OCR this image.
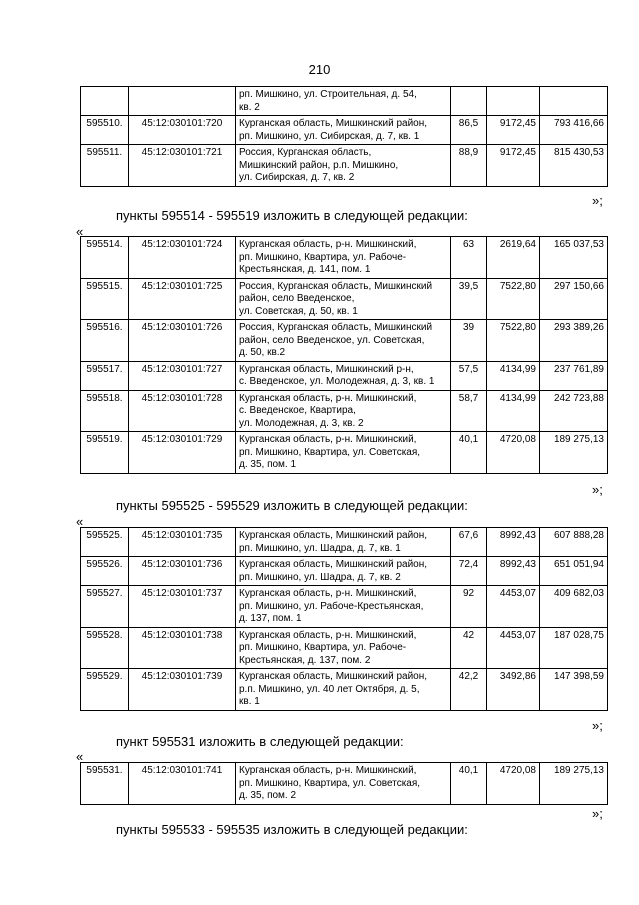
210

		рп. Мишкино, ул. Строительная, д. 54,
кв. 2			

595510.	45:12:030101:720	Курганская область, Мишкинский район,
рп. Мишкино, ул. Сибирская, д. 7, кв. 1	86,5	9172,45	793 416,66
595511.	45:12:030101:721	Россия, Курганская область,
Мишкинский район, р.п. Мишкино,
ул. Сибирская, д. 7, кв. 2	88,9	9172,45	815 430,53
»;
пункты 595514 - 595519 изложить в следующей редакции:
«
595514.	45:12:030101:724	Курганская область, р-н. Мишкинский,
рп. Мишкино, Квартира, ул. Рабоче-
Крестьянская, д. 141, пом. 1	63	2619,64	165 037,53
595515.	45:12:030101:725	Россия, Курганская область, Мишкинский
район, село Введенское,
ул. Советская, д. 50, кв. 1	39,5	7522,80	297 150,66
595516.	45:12:030101:726	Россия, Курганская область, Мишкинский
район, село Введенское, ул. Советская,
д. 50, кв.2	39	7522,80	293 389,26
595517.	45:12:030101:727	Курганская область, Мишкинский р-н,
с. Введенское, ул. Молодежная, д. 3, кв. 1	57,5	4134,99	237 761,89
595518.	45:12:030101:728	Курганская область, р-н. Мишкинский,
с. Введенское, Квартира,
ул. Молодежная, д. 3, кв. 2	58,7	4134,99	242 723,88
595519.	45:12:030101:729	Курганская область, р-н. Мишкинский,
рп. Мишкино, Квартира, ул. Советская,
д. 35, пом. 1	40,1	4720,08	189 275,13
»;
пункты 595525 - 595529 изложить в следующей редакции:
«
595525.	45:12:030101:735	Курганская область, Мишкинский район,
рп. Мишкино, ул. Шадра, д. 7, кв. 1	67,6	8992,43	607 888,28
595526.	45:12:030101:736	Курганская область, Мишкинский район,
рп. Мишкино, ул. Шадра, д. 7, кв. 2	72,4	8992,43	651 051,94
595527.	45:12:030101:737	Курганская область, р-н. Мишкинский,
рп. Мишкино, ул. Рабоче-Крестьянская,
д. 137, пом. 1	92	4453,07	409 682,03
595528.	45:12:030101:738	Курганская область, р-н. Мишкинский,
рп. Мишкино, Квартира, ул. Рабоче-
Крестьянская, д. 137, пом. 2	42	4453,07	187 028,75
595529.	45:12:030101:739	Курганская область, Мишкинский район,
р.п. Мишкино, ул. 40 лет Октября, д. 5,
кв. 1	42,2	3492,86	147 398,59
»;
пункт 595531 изложить в следующей редакции:
«
595531.	45:12:030101:741	Курганская область, р-н. Мишкинский,
рп. Мишкино, Квартира, ул. Советская,
д. 35, пом. 2
	40,1	4720,08	189 275,13
»;
пункты 595533 - 595535 изложить в следующей редакции:
